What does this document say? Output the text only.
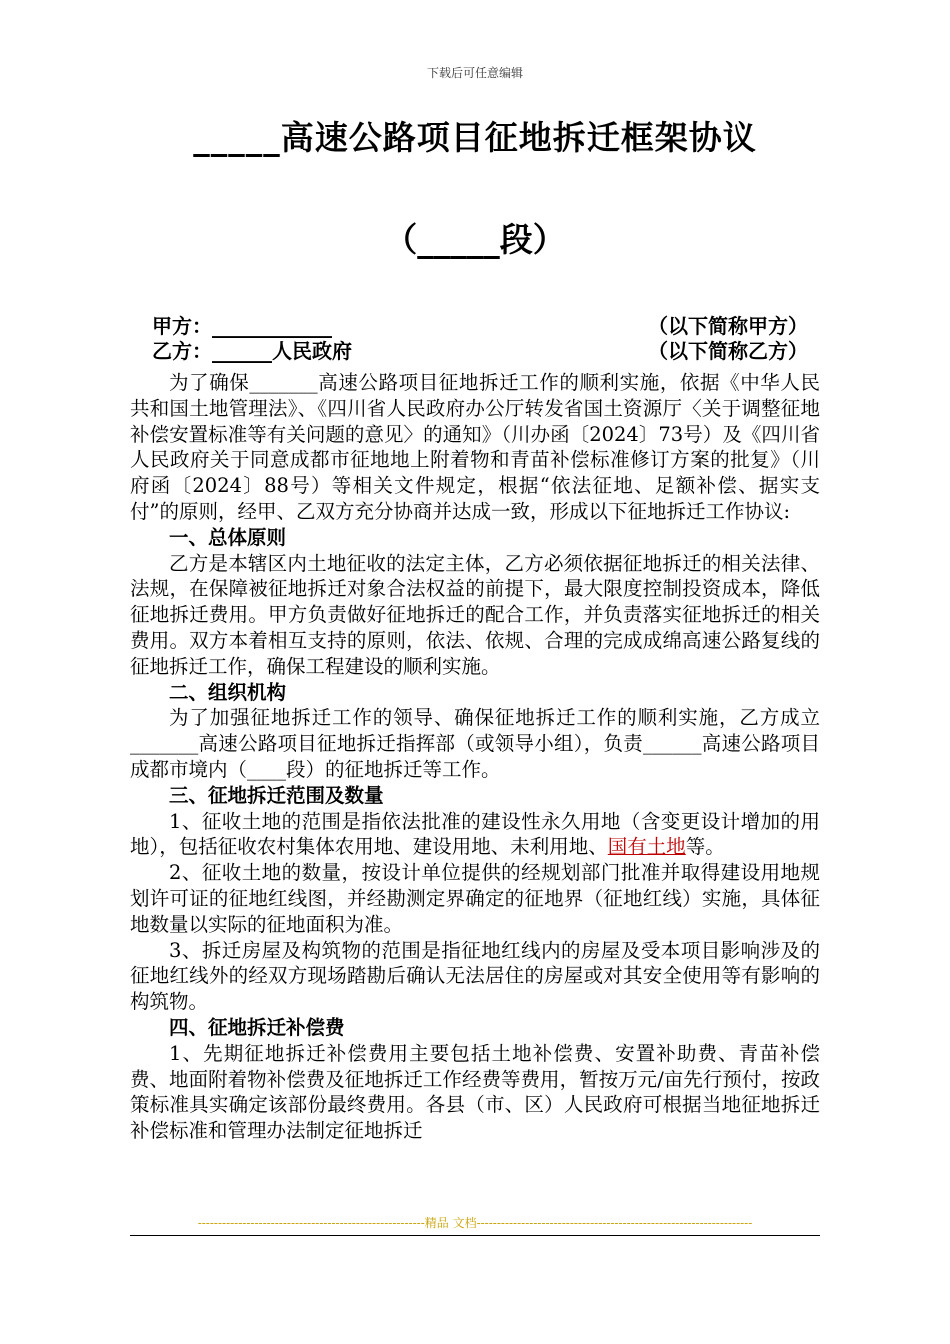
下载后可任意编辑
_____高速公路项目征地拆迁框架协议
（_____段）
甲方：____________	（以下简称甲方）
乙方：______人民政府	（以下简称乙方）

为了确保_______高速公路项目征地拆迁工作的顺利实施，依据《中华人民共和国土地管理法》、《四川省人民政府办公厅转发省国土资源厅〈关于调整征地补偿安置标准等有关问题的意见〉的通知》（川办函〔2024〕73号）及《四川省人民政府关于同意成都市征地地上附着物和青苗补偿标准修订方案的批复》（川府函〔2024〕88号）等相关文件规定，根据“依法征地、足额补偿、据实支付”的原则，经甲、乙双方充分协商并达成一致，形成以下征地拆迁工作协议:

一、总体原则

乙方是本辖区内土地征收的法定主体，乙方必须依据征地拆迁的相关法律、法规，在保障被征地拆迁对象合法权益的前提下，最大限度控制投资成本，降低征地拆迁费用。甲方负责做好征地拆迁的配合工作，并负责落实征地拆迁的相关费用。双方本着相互支持的原则，依法、依规、合理的完成成绵高速公路复线的征地拆迁工作，确保工程建设的顺利实施。

二、组织机构

为了加强征地拆迁工作的领导、确保征地拆迁工作的顺利实施，乙方成立_______高速公路项目征地拆迁指挥部（或领导小组），负责______高速公路项目成都市境内（____段）的征地拆迁等工作。

三、征地拆迁范围及数量

1、征收土地的范围是指依法批准的建设性永久用地（含变更设计增加的用地），包括征收农村集体农用地、建设用地、未利用地、国有土地等。

2、征收土地的数量，按设计单位提供的经规划部门批准并取得建设用地规划许可证的征地红线图，并经勘测定界确定的征地界（征地红线）实施，具体征地数量以实际的征地面积为准。

3、拆迁房屋及构筑物的范围是指征地红线内的房屋及受本项目影响涉及的征地红线外的经双方现场踏勘后确认无法居住的房屋或对其安全使用等有影响的构筑物。

四、征地拆迁补偿费

1、先期征地拆迁补偿费用主要包括土地补偿费、安置补助费、青苗补偿费、地面附着物补偿费及征地拆迁工作经费等费用，暂按万元/亩先行预付，按政策标准具实确定该部份最终费用。各县（市、区）人民政府可根据当地征地拆迁补偿标准和管理办法制定征地拆迁

--------------------------------------------------------精品 文档--------------------------------------------------------------------
